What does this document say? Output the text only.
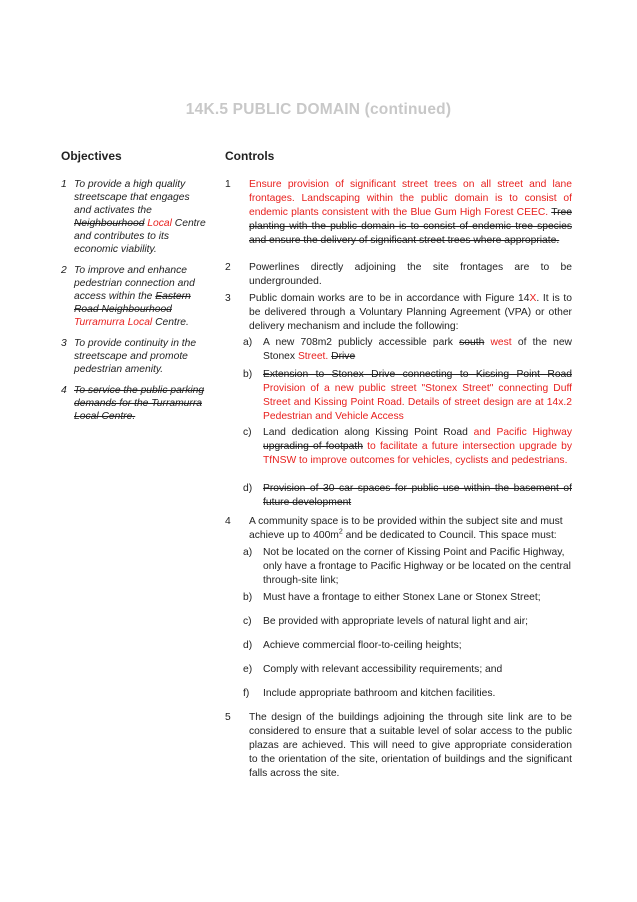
14K.5 PUBLIC DOMAIN (continued)
Objectives	Controls
1 To provide a high quality streetscape that engages and activates the Neighbourhood Local Centre and contributes to its economic viability.
2 To improve and enhance pedestrian connection and access within the Eastern Road Neighbourhood Turramurra Local Centre.
3 To provide continuity in the streetscape and promote pedestrian amenity.
4 To service the public parking demands for the Turramurra Local Centre.
1 Ensure provision of significant street trees on all street and lane frontages. Landscaping within the public domain is to consist of endemic plants consistent with the Blue Gum High Forest CEEC. Tree planting with the public domain is to consist of endemic tree species and ensure the delivery of significant street trees where appropriate.
2 Powerlines directly adjoining the site frontages are to be undergrounded.
3 Public domain works are to be in accordance with Figure 14X. It is to be delivered through a Voluntary Planning Agreement (VPA) or other delivery mechanism and include the following:
a) A new 708m2 publicly accessible park south west of the new Stonex Street. Drive
b) Extension to Stonex Drive connecting to Kissing Point Road Provision of a new public street "Stonex Street" connecting Duff Street and Kissing Point Road. Details of street design are at 14x.2 Pedestrian and Vehicle Access
c) Land dedication along Kissing Point Road and Pacific Highway upgrading of footpath to facilitate a future intersection upgrade by TfNSW to improve outcomes for vehicles, cyclists and pedestrians.
d) Provision of 30 car spaces for public use within the basement of future development
4 A community space is to be provided within the subject site and must achieve up to $400m^2$ and be dedicated to Council. This space must:
a) Not be located on the corner of Kissing Point and Pacific Highway, only have a frontage to Pacific Highway or be located on the central through-site link;
b) Must have a frontage to either Stonex Lane or Stonex Street;
c) Be provided with appropriate levels of natural light and air;
d) Achieve commercial floor-to-ceiling heights;
e) Comply with relevant accessibility requirements; and
f) Include appropriate bathroom and kitchen facilities.
5 The design of the buildings adjoining the through site link are to be considered to ensure that a suitable level of solar access to the public plazas are achieved. This will need to give appropriate consideration to the orientation of the site, orientation of buildings and the significant falls across the site.
